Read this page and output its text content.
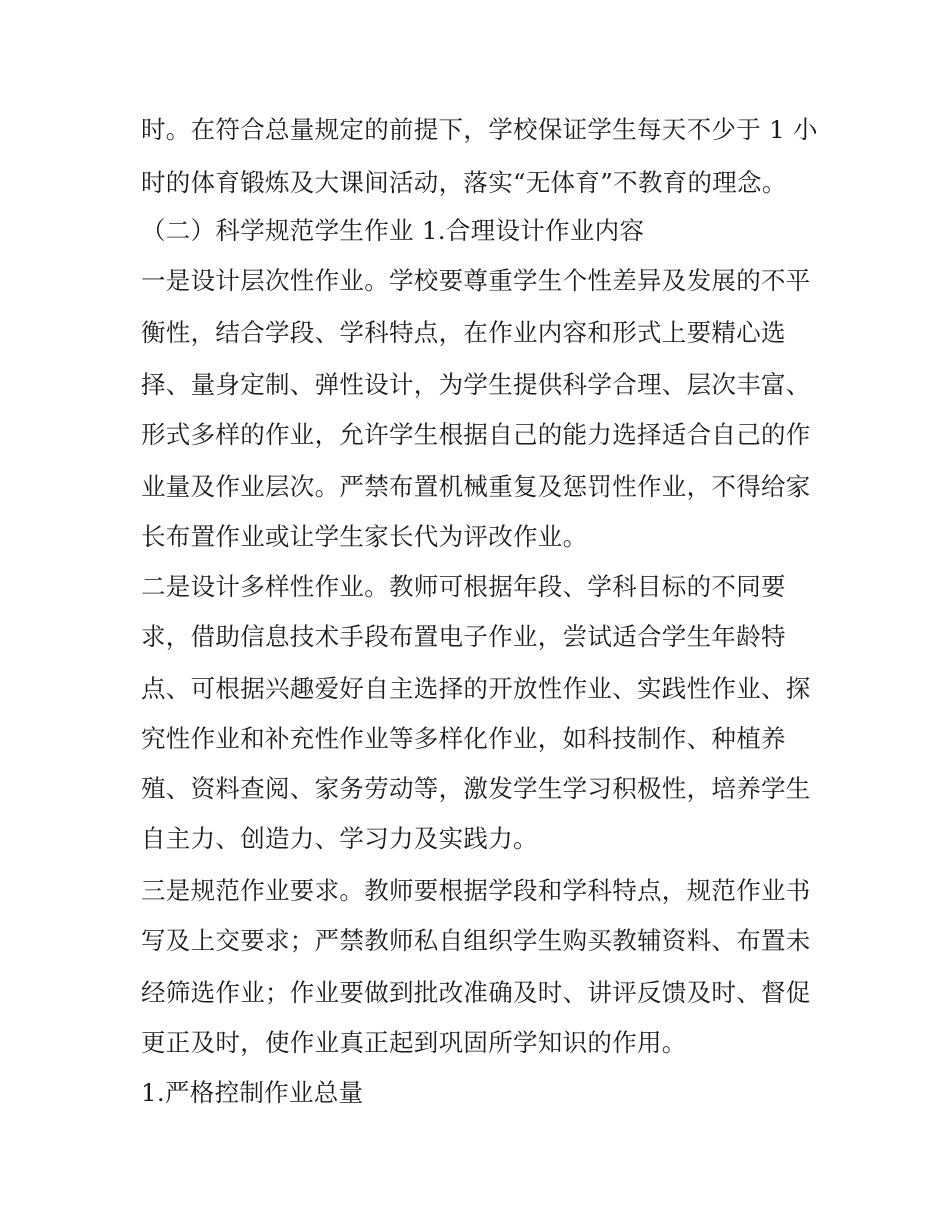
时。在符合总量规定的前提下，学校保证学生每天不少于 1 小

时的体育锻炼及大课间活动，落实“无体育”不教育的理念。

（二）科学规范学生作业 1.合理设计作业内容

一是设计层次性作业。学校要尊重学生个性差异及发展的不平

衡性，结合学段、学科特点，在作业内容和形式上要精心选

择、量身定制、弹性设计，为学生提供科学合理、层次丰富、

形式多样的作业，允许学生根据自己的能力选择适合自己的作

业量及作业层次。严禁布置机械重复及惩罚性作业，不得给家

长布置作业或让学生家长代为评改作业。

二是设计多样性作业。教师可根据年段、学科目标的不同要

求，借助信息技术手段布置电子作业，尝试适合学生年龄特

点、可根据兴趣爱好自主选择的开放性作业、实践性作业、探

究性作业和补充性作业等多样化作业，如科技制作、种植养

殖、资料查阅、家务劳动等，激发学生学习积极性，培养学生

自主力、创造力、学习力及实践力。

三是规范作业要求。教师要根据学段和学科特点，规范作业书

写及上交要求；严禁教师私自组织学生购买教辅资料、布置未

经筛选作业；作业要做到批改准确及时、讲评反馈及时、督促

更正及时，使作业真正起到巩固所学知识的作用。

1.严格控制作业总量
